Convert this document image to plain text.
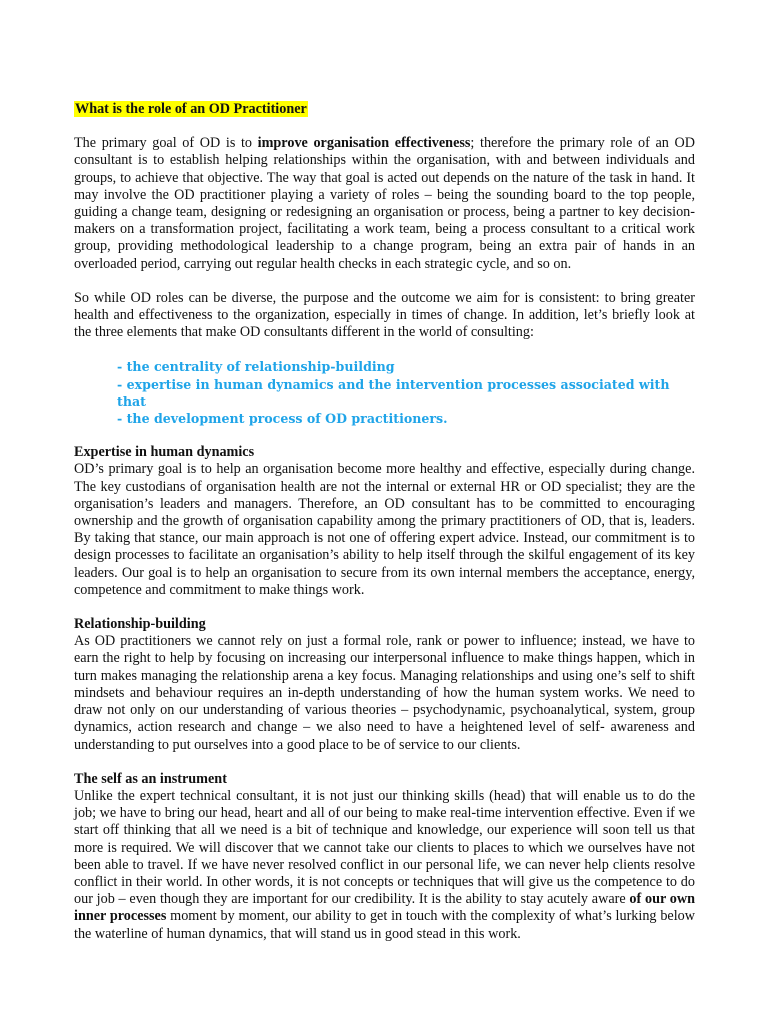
What is the role of an OD Practitioner

The primary goal of OD is to improve organisation effectiveness; therefore the primary role of an OD consultant is to establish helping relationships within the organisation, with and between individuals and groups, to achieve that objective. The way that goal is acted out depends on the nature of the task in hand. It may involve the OD practitioner playing a variety of roles – being the sounding board to the top people, guiding a change team, designing or redesigning an organisation or process, being a partner to key decision-makers on a transformation project, facilitating a work team, being a process consultant to a critical work group, providing methodological leadership to a change program, being an extra pair of hands in an overloaded period, carrying out regular health checks in each strategic cycle, and so on.

So while OD roles can be diverse, the purpose and the outcome we aim for is consistent: to bring greater health and effectiveness to the organization, especially in times of change. In addition, let’s briefly look at the three elements that make OD consultants different in the world of consulting:

- the centrality of relationship-building
- expertise in human dynamics and the intervention processes associated with that
- the development process of OD practitioners.
Expertise in human dynamics

OD’s primary goal is to help an organisation become more healthy and effective, especially during change. The key custodians of organisation health are not the internal or external HR or OD specialist; they are the organisation’s leaders and managers. Therefore, an OD consultant has to be committed to encouraging ownership and the growth of organisation capability among the primary practitioners of OD, that is, leaders. By taking that stance, our main approach is not one of offering expert advice. Instead, our commitment is to design processes to facilitate an organisation’s ability to help itself through the skilful engagement of its key leaders. Our goal is to help an organisation to secure from its own internal members the acceptance, energy, competence and commitment to make things work.

Relationship-building

As OD practitioners we cannot rely on just a formal role, rank or power to influence; instead, we have to earn the right to help by focusing on increasing our interpersonal influence to make things happen, which in turn makes managing the relationship arena a key focus. Managing relationships and using one’s self to shift mindsets and behaviour requires an in-depth understanding of how the human system works. We need to draw not only on our understanding of various theories – psychodynamic, psychoanalytical, system, group dynamics, action research and change – we also need to have a heightened level of self- awareness and understanding to put ourselves into a good place to be of service to our clients.

The self as an instrument

Unlike the expert technical consultant, it is not just our thinking skills (head) that will enable us to do the job; we have to bring our head, heart and all of our being to make real-time intervention effective. Even if we start off thinking that all we need is a bit of technique and knowledge, our experience will soon tell us that more is required. We will discover that we cannot take our clients to places to which we ourselves have not been able to travel. If we have never resolved conflict in our personal life, we can never help clients resolve conflict in their world. In other words, it is not concepts or techniques that will give us the competence to do our job – even though they are important for our credibility. It is the ability to stay acutely aware of our own inner processes moment by moment, our ability to get in touch with the complexity of what’s lurking below the waterline of human dynamics, that will stand us in good stead in this work.
